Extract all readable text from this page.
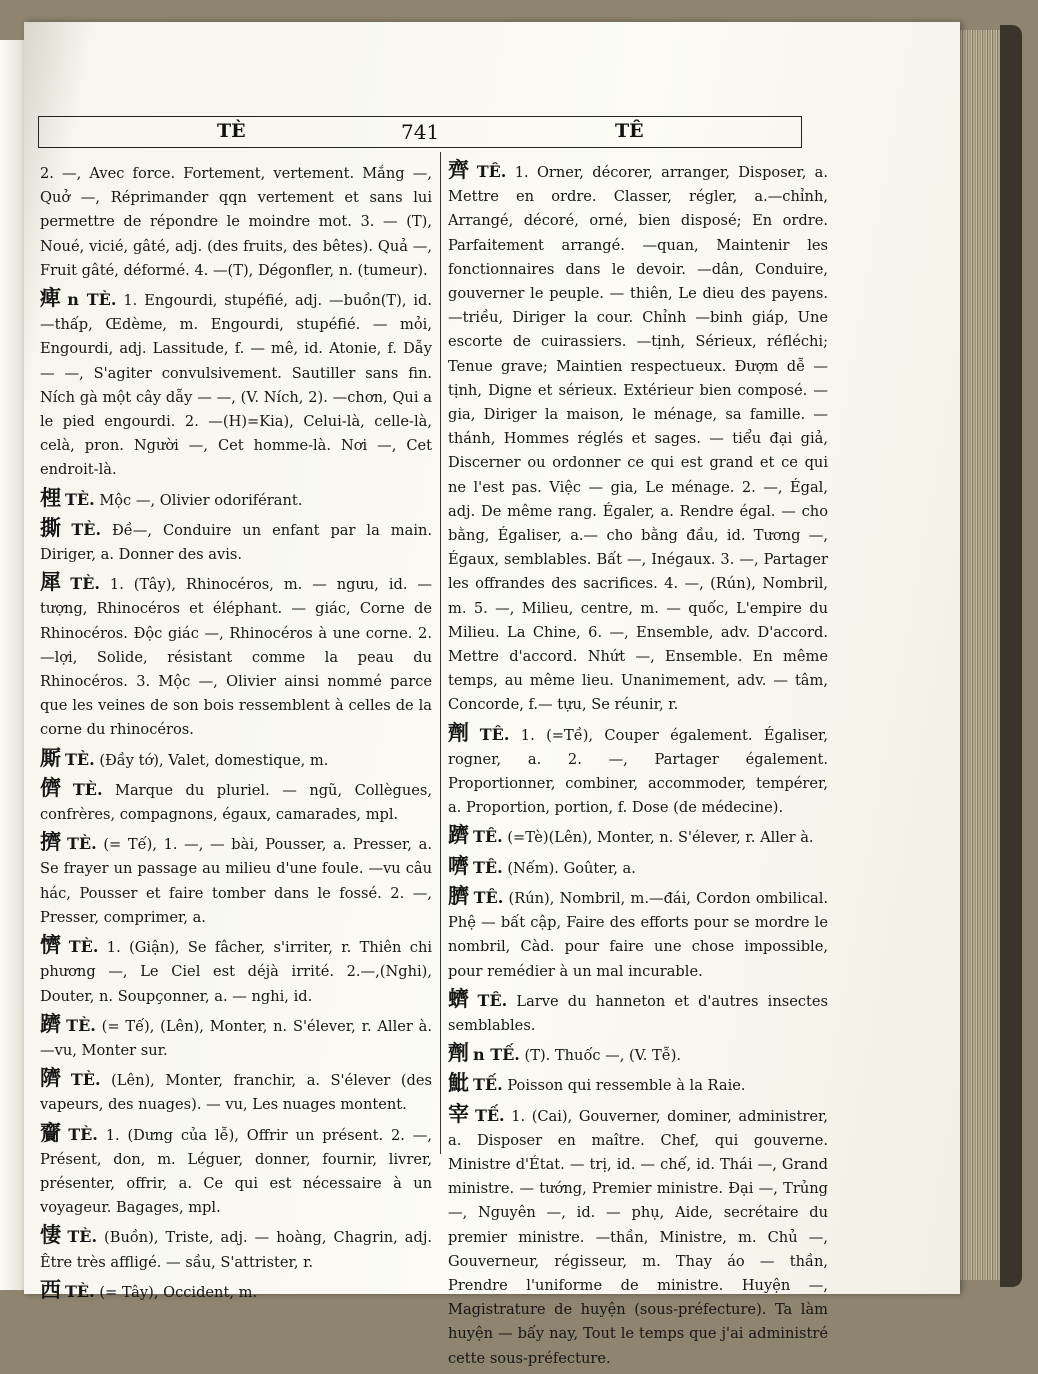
TÈ	741	TÊ
2. —, Avec force. Fortement, vertement. Mắng —, Quở —, Réprimander qqn vertement et sans lui permettre de répondre le moindre mot. 3. — (T), Noué, vicié, gâté, adj. (des fruits, des bêtes). Quả —, Fruit gâté, déformé. 4. —(T), Dégonfler, n. (tumeur).
痺 n TÈ. 1. Engourdi, stupéfié, adj. —buồn(T), id. —thấp, Œdème, m. Engourdi, stupéfié. — mỏi, Engourdi, adj. Lassitude, f. — mê, id. Atonie, f. Dẫy — —, S'agiter convulsivement. Sautiller sans fin. Ních gà một cây dẫy — —, (V. Ních, 2). —chơn, Qui a le pied engourdi. 2. —(H)=Kia), Celui-là, celle-là, celà, pron. Người —, Cet homme-là. Nơi —, Cet endroit-là.
梩 TÈ. Mộc —, Olivier odoriférant.
撕 TÈ. Đề—, Conduire un enfant par la main. Diriger, a. Donner des avis.
犀 TÈ. 1. (Tây), Rhinocéros, m. — ngưu, id. — tượng, Rhinocéros et éléphant. — giác, Corne de Rhinocéros. Độc giác —, Rhinocéros à une corne. 2. —lợi, Solide, résistant comme la peau du Rhinocéros. 3. Mộc —, Olivier ainsi nommé parce que les veines de son bois ressemblent à celles de la corne du rhinocéros.
厮 TÈ. (Đầy tớ), Valet, domestique, m.
儕 TÈ. Marque du pluriel. — ngũ, Collègues, confrères, compagnons, égaux, camarades, mpl.
擠 TÈ. (= Tế), 1. —, — bài, Pousser, a. Presser, a. Se frayer un passage au milieu d'une foule. —vu câu hác, Pousser et faire tomber dans le fossé. 2. —, Presser, comprimer, a.
懠 TÈ. 1. (Giận), Se fâcher, s'irriter, r. Thiên chi phương —, Le Ciel est déjà irrité. 2.—,(Nghi), Douter, n. Soupçonner, a. — nghi, id.
躋 TÈ. (= Tế), (Lên), Monter, n. S'élever, r. Aller à. —vu, Monter sur.
隮 TÈ. (Lên), Monter, franchir, a. S'élever (des vapeurs, des nuages). — vu, Les nuages montent.
齎 TÈ. 1. (Dưng của lễ), Offrir un présent. 2. —, Présent, don, m. Léguer, donner, fournir, livrer, présenter, offrir, a. Ce qui est nécessaire à un voyageur. Bagages, mpl.
悽 TÈ. (Buồn), Triste, adj. — hoàng, Chagrin, adj. Être très affligé. — sầu, S'attrister, r.
西 TÈ. (= Tây), Occident, m.
齊 TÊ. 1. Orner, décorer, arranger, Disposer, a. Mettre en ordre. Classer, régler, a.—chỉnh, Arrangé, décoré, orné, bien disposé; En ordre. Parfaitement arrangé. —quan, Maintenir les fonctionnaires dans le devoir. —dân, Conduire, gouverner le peuple. — thiên, Le dieu des payens. —triều, Diriger la cour. Chỉnh —binh giáp, Une escorte de cuirassiers. —tịnh, Sérieux, réfléchi; Tenue grave; Maintien respectueux. Đượm dễ — tịnh, Digne et sérieux. Extérieur bien composé. — gia, Diriger la maison, le ménage, sa famille. —thánh, Hommes réglés et sages. — tiểu đại giả, Discerner ou ordonner ce qui est grand et ce qui ne l'est pas. Việc — gia, Le ménage. 2. —, Égal, adj. De même rang. Égaler, a. Rendre égal. — cho bằng, Égaliser, a.— cho bằng đầu, id. Tương —, Égaux, semblables. Bất —, Inégaux. 3. —, Partager les offrandes des sacrifices. 4. —, (Rún), Nombril, m. 5. —, Milieu, centre, m. — quốc, L'empire du Milieu. La Chine, 6. —, Ensemble, adv. D'accord. Mettre d'accord. Nhứt —, Ensemble. En même temps, au même lieu. Unanimement, adv. — tâm, Concorde, f.— tựu, Se réunir, r.
劑 TÊ. 1. (=Tề), Couper également. Égaliser, rogner, a. 2. —, Partager également. Proportionner, combiner, accommoder, tempérer, a. Proportion, portion, f. Dose (de médecine).
躋 TÊ. (=Tè)(Lên), Monter, n. S'élever, r. Aller à.
嚌 TÊ. (Nếm). Goûter, a.
臍 TÊ. (Rún), Nombril, m.—đái, Cordon ombilical. Phệ — bất cập, Faire des efforts pour se mordre le nombril, Càd. pour faire une chose impossible, pour remédier à un mal incurable.
蠐 TÊ. Larve du hanneton et d'autres insectes semblables.
劑 n TẾ. (T). Thuốc —, (V. Tễ).
魮 TẾ. Poisson qui ressemble à la Raie.
宰 TẾ. 1. (Cai), Gouverner, dominer, administrer, a. Disposer en maître. Chef, qui gouverne. Ministre d'État. — trị, id. — chế, id. Thái —, Grand ministre. — tướng, Premier ministre. Đại —, Trủng —, Nguyên —, id. — phụ, Aide, secrétaire du premier ministre. —thần, Ministre, m. Chủ —, Gouverneur, régisseur, m. Thay áo — thần, Prendre l'uniforme de ministre. Huyện —, Magistrature de huyện (sous-préfecture). Ta làm huyện — bấy nay, Tout le temps que j'ai administré cette sous-préfecture.
